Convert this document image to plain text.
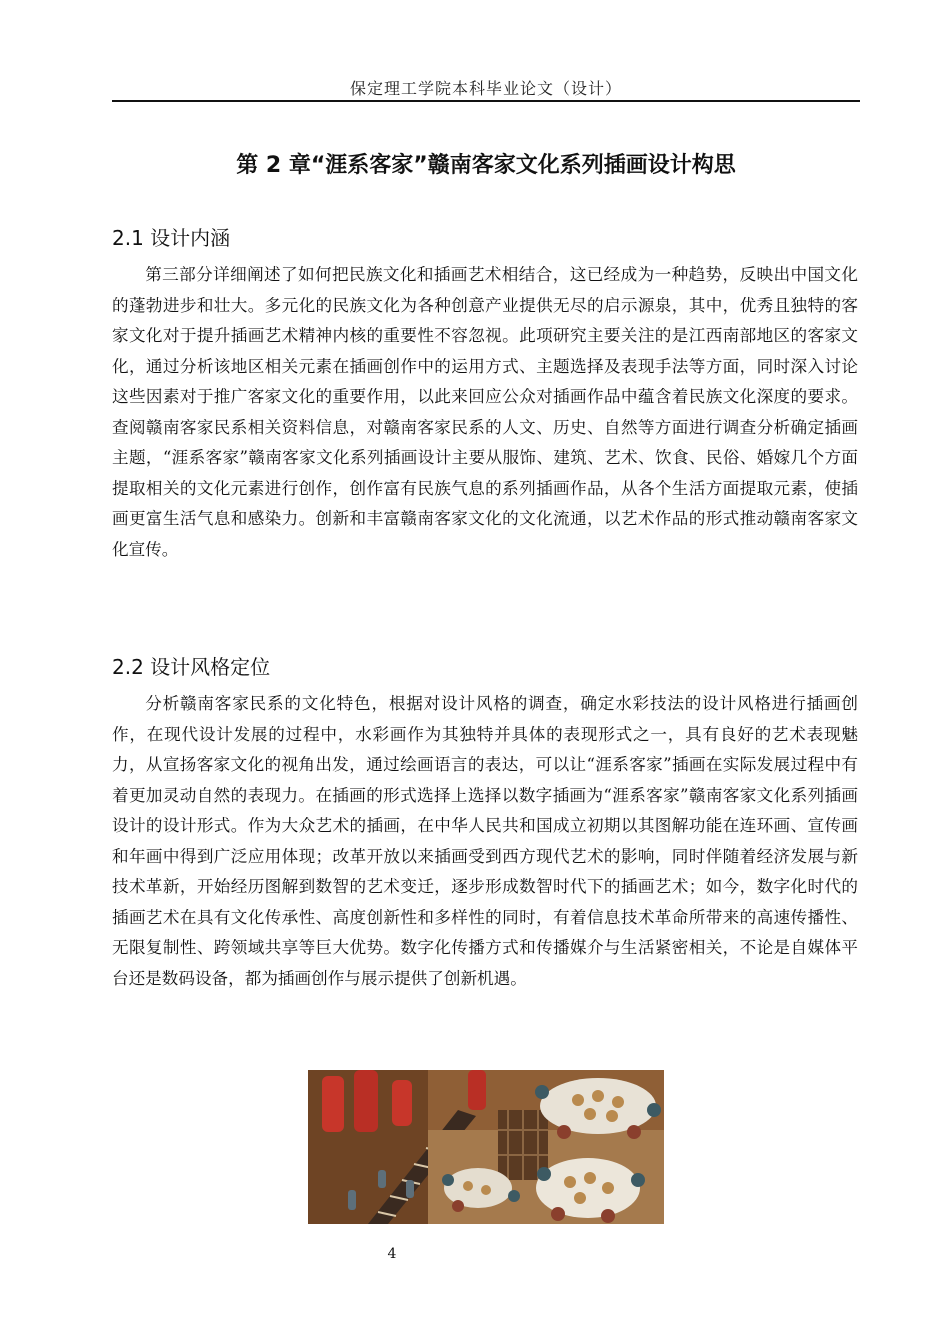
保定理工学院本科毕业论文（设计）
第 2 章“涯系客家”赣南客家文化系列插画设计构思
2.1 设计内涵

第三部分详细阐述了如何把民族文化和插画艺术相结合，这已经成为一种趋势，反映出中国文化的蓬勃进步和壮大。多元化的民族文化为各种创意产业提供无尽的启示源泉，其中，优秀且独特的客家文化对于提升插画艺术精神内核的重要性不容忽视。此项研究主要关注的是江西南部地区的客家文化，通过分析该地区相关元素在插画创作中的运用方式、主题选择及表现手法等方面，同时深入讨论这些因素对于推广客家文化的重要作用，以此来回应公众对插画作品中蕴含着民族文化深度的要求。查阅赣南客家民系相关资料信息，对赣南客家民系的人文、历史、自然等方面进行调查分析确定插画主题，“涯系客家”赣南客家文化系列插画设计主要从服饰、建筑、艺术、饮食、民俗、婚嫁几个方面提取相关的文化元素进行创作，创作富有民族气息的系列插画作品，从各个生活方面提取元素，使插画更富生活气息和感染力。创新和丰富赣南客家文化的文化流通，以艺术作品的形式推动赣南客家文化宣传。

2.2 设计风格定位

分析赣南客家民系的文化特色，根据对设计风格的调查，确定水彩技法的设计风格进行插画创作，在现代设计发展的过程中，水彩画作为其独特并具体的表现形式之一，具有良好的艺术表现魅力，从宣扬客家文化的视角出发，通过绘画语言的表达，可以让“涯系客家”插画在实际发展过程中有着更加灵动自然的表现力。在插画的形式选择上选择以数字插画为“涯系客家”赣南客家文化系列插画设计的设计形式。作为大众艺术的插画，在中华人民共和国成立初期以其图解功能在连环画、宣传画和年画中得到广泛应用体现；改革开放以来插画受到西方现代艺术的影响，同时伴随着经济发展与新技术革新，开始经历图解到数智的艺术变迁，逐步形成数智时代下的插画艺术；如今，数字化时代的插画艺术在具有文化传承性、高度创新性和多样性的同时，有着信息技术革命所带来的高速传播性、无限复制性、跨领域共享等巨大优势。数字化传播方式和传播媒介与生活紧密相关，不论是自媒体平台还是数码设备，都为插画创作与展示提供了创新机遇。

4
